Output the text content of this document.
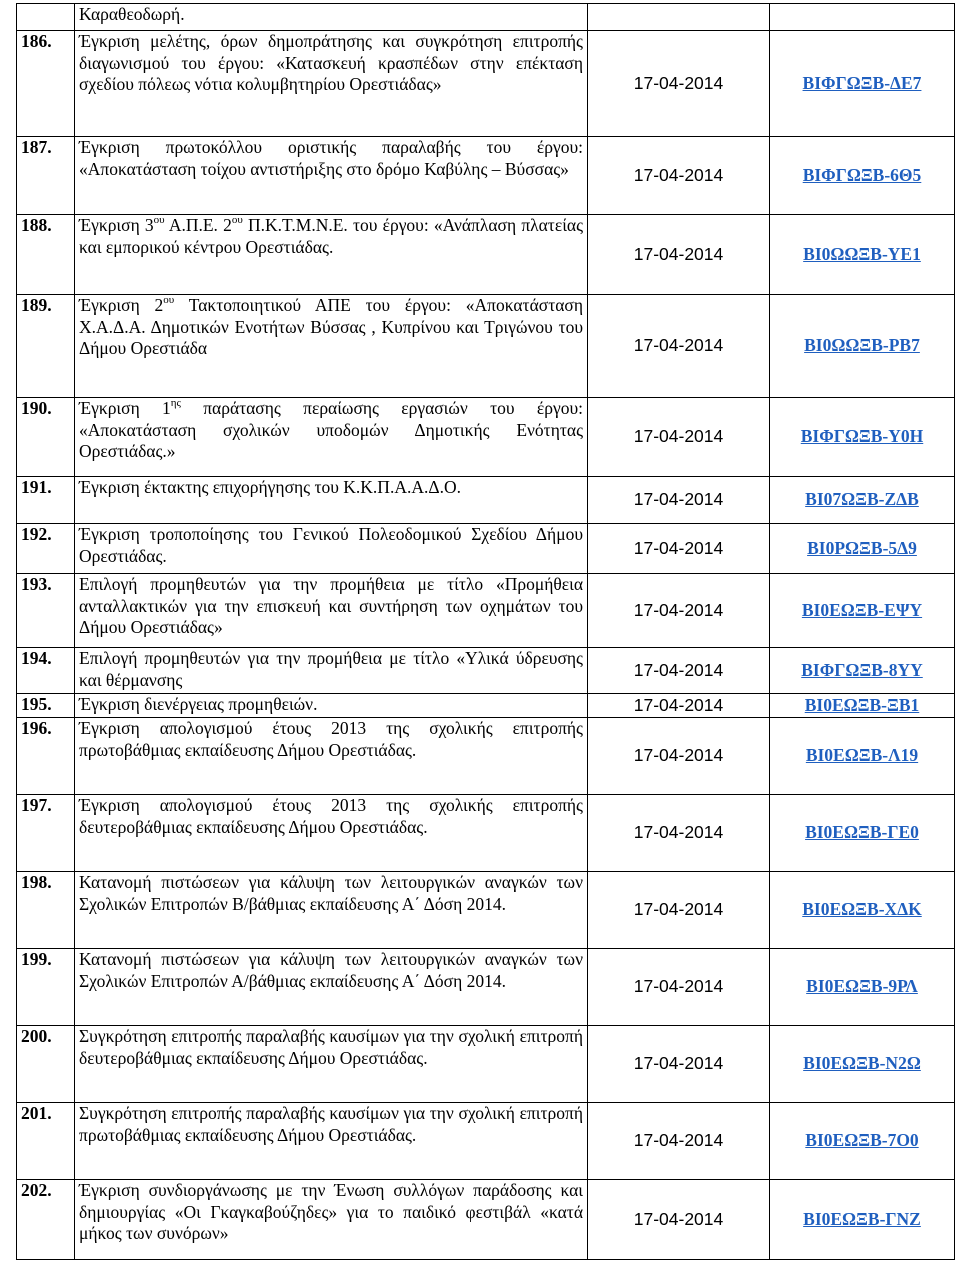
	Καραθεοδωρή.		
186.	Έγκριση μελέτης, όρων δημοπράτησης και συγκρότηση επιτροπής διαγωνισμού του έργου: «Κατασκευή κρασπέδων στην επέκταση σχεδίου πόλεως νότια κολυμβητηρίου Ορεστιάδας»	17-04-2014	ΒΙΦΓΩΞΒ-ΔΕ7
187.	Έγκριση πρωτοκόλλου οριστικής παραλαβής του έργου: «Αποκατάσταση τοίχου αντιστήριξης στο δρόμο Καβύλης – Βύσσας»	17-04-2014	ΒΙΦΓΩΞΒ-6Θ5
188.	Έγκριση $3^{o\upsilon}$ Α.Π.Ε. $2^{o\upsilon}$ Π.Κ.Τ.Μ.Ν.Ε. του έργου: «Ανάπλαση πλατείας και εμπορικού κέντρου Ορεστιάδας.	17-04-2014	ΒΙ0ΩΩΞΒ-ΥΕ1
189.	Έγκριση $2^{o\upsilon}$ Τακτοποιητικού ΑΠΕ του έργου: «Αποκατάσταση Χ.Α.Δ.Α. Δημοτικών Ενοτήτων Βύσσας , Κυπρίνου και Τριγώνου του Δήμου Ορεστιάδα	17-04-2014	ΒΙ0ΩΩΞΒ-ΡΒ7
190.	Έγκριση $1^{\eta\varsigma}$ παράτασης περαίωσης εργασιών του έργου: «Αποκατάσταση σχολικών υποδομών Δημοτικής Ενότητας Ορεστιάδας.»	17-04-2014	ΒΙΦΓΩΞΒ-Υ0Η
191.	Έγκριση έκτακτης επιχορήγησης του Κ.Κ.Π.Α.Α.Δ.Ο.	17-04-2014	ΒΙ07ΩΞΒ-ΖΔΒ
192.	Έγκριση τροποποίησης του Γενικού Πολεοδομικού Σχεδίου Δήμου Ορεστιάδας.	17-04-2014	ΒΙ0ΡΩΞΒ-5Δ9
193.	Επιλογή προμηθευτών για την προμήθεια με τίτλο «Προμήθεια ανταλλακτικών για την επισκευή και συντήρηση των οχημάτων του Δήμου Ορεστιάδας»	17-04-2014	ΒΙ0ΕΩΞΒ-ΕΨΥ
194.	Επιλογή προμηθευτών για την προμήθεια με τίτλο «Υλικά ύδρευσης και θέρμανσης	17-04-2014	ΒΙΦΓΩΞΒ-8ΥΥ
195.	Έγκριση διενέργειας προμηθειών.	17-04-2014	ΒΙ0ΕΩΞΒ-ΞΒ1
196.	Έγκριση απολογισμού έτους 2013 της σχολικής επιτροπής πρωτοβάθμιας εκπαίδευσης Δήμου Ορεστιάδας.	17-04-2014	ΒΙ0ΕΩΞΒ-Λ19
197.	Έγκριση απολογισμού έτους 2013 της σχολικής επιτροπής δευτεροβάθμιας εκπαίδευσης Δήμου Ορεστιάδας.	17-04-2014	ΒΙ0ΕΩΞΒ-ΓΕ0
198.	Κατανομή πιστώσεων για κάλυψη των λειτουργικών αναγκών των Σχολικών Επιτροπών Β/βάθμιας εκπαίδευσης Α΄ Δόση 2014.	17-04-2014	ΒΙ0ΕΩΞΒ-ΧΔΚ
199.	Κατανομή πιστώσεων για κάλυψη των λειτουργικών αναγκών των Σχολικών Επιτροπών Α/βάθμιας εκπαίδευσης Α΄ Δόση 2014.	17-04-2014	ΒΙ0ΕΩΞΒ-9ΡΛ
200.	Συγκρότηση επιτροπής παραλαβής καυσίμων για την σχολική επιτροπή δευτεροβάθμιας εκπαίδευσης Δήμου Ορεστιάδας.	17-04-2014	ΒΙ0ΕΩΞΒ-Ν2Ω
201.	Συγκρότηση επιτροπής παραλαβής καυσίμων για την σχολική επιτροπή πρωτοβάθμιας εκπαίδευσης Δήμου Ορεστιάδας.	17-04-2014	ΒΙ0ΕΩΞΒ-7Ο0
202.	Έγκριση συνδιοργάνωσης με την Ένωση συλλόγων παράδοσης και δημιουργίας «Οι Γκαγκαβούζηδες» για το παιδικό φεστιβάλ «κατά μήκος των συνόρων»	17-04-2014	ΒΙ0ΕΩΞΒ-ΓΝΖ
